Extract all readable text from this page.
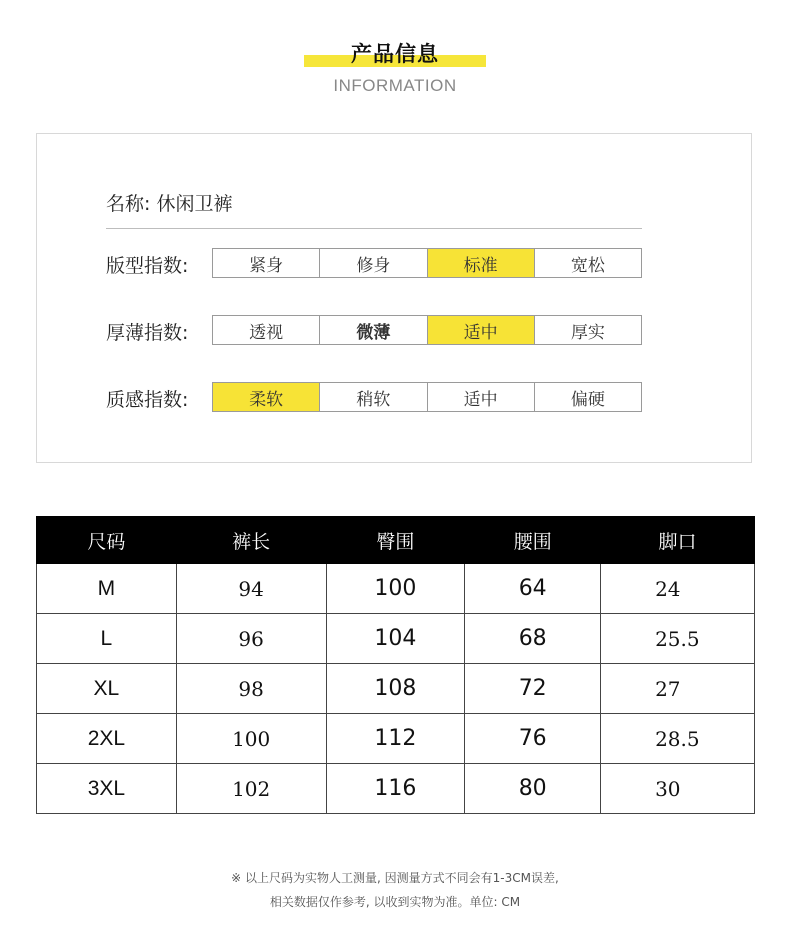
产品信息
INFORMATION
名称: 休闲卫裤
版型指数:	紧身	修身	标准	宽松
厚薄指数:	透视	微薄	适中	厚实
质感指数:	柔软	稍软	适中	偏硬
尺码	裤长	臀围	腰围	脚口
M	94	100	64	24
L	96	104	68	25.5
XL	98	108	72	27
2XL	100	112	76	28.5
3XL	102	116	80	30
※ 以上尺码为实物人工测量, 因测量方式不同会有1-3CM误差,
相关数据仅作参考, 以收到实物为准。单位: CM
